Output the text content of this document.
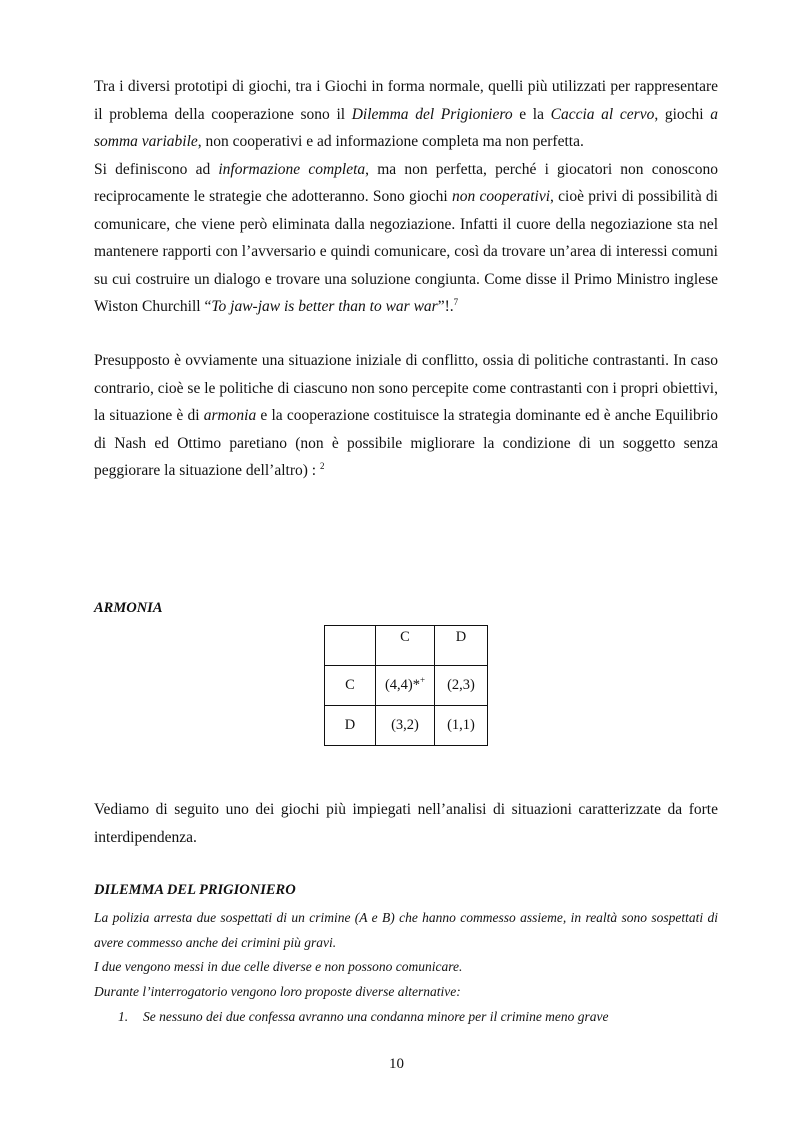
Tra i diversi prototipi di giochi, tra i Giochi in forma normale, quelli più utilizzati per rappresentare il problema della cooperazione sono il Dilemma del Prigioniero e la Caccia al cervo, giochi a somma variabile, non cooperativi e ad informazione completa ma non perfetta.
Si definiscono ad informazione completa, ma non perfetta, perché i giocatori non conoscono reciprocamente le strategie che adotteranno. Sono giochi non cooperativi, cioè privi di possibilità di comunicare, che viene però eliminata dalla negoziazione. Infatti il cuore della negoziazione sta nel mantenere rapporti con l’avversario e quindi comunicare, così da trovare un’area di interessi comuni su cui costruire un dialogo e trovare una soluzione congiunta. Come disse il Primo Ministro inglese Wiston Churchill “To jaw-jaw is better than to war war”!.$^7$

Presupposto è ovviamente una situazione iniziale di conflitto, ossia di politiche contrastanti. In caso contrario, cioè se le politiche di ciascuno non sono percepite come contrastanti con i propri obiettivi, la situazione è di armonia e la cooperazione costituisce la strategia dominante ed è anche Equilibrio di Nash ed Ottimo paretiano (non è possibile migliorare la condizione di un soggetto senza peggiorare la situazione dell’altro) : $^2$

ARMONIA

	C	D
C	(4,4)*+	(2,3)
D	(3,2)	(1,1)

Vediamo di seguito uno dei giochi più impiegati nell’analisi di situazioni caratterizzate da forte interdipendenza.

DILEMMA DEL PRIGIONIERO

La polizia arresta due sospettati di un crimine (A e B) che hanno commesso assieme, in realtà sono sospettati di avere commesso anche dei crimini più gravi.
I due vengono messi in due celle diverse e non possono comunicare.
Durante l’interrogatorio vengono loro proposte diverse alternative:

1. Se nessuno dei due confessa avranno una condanna minore per il crimine meno grave

10
